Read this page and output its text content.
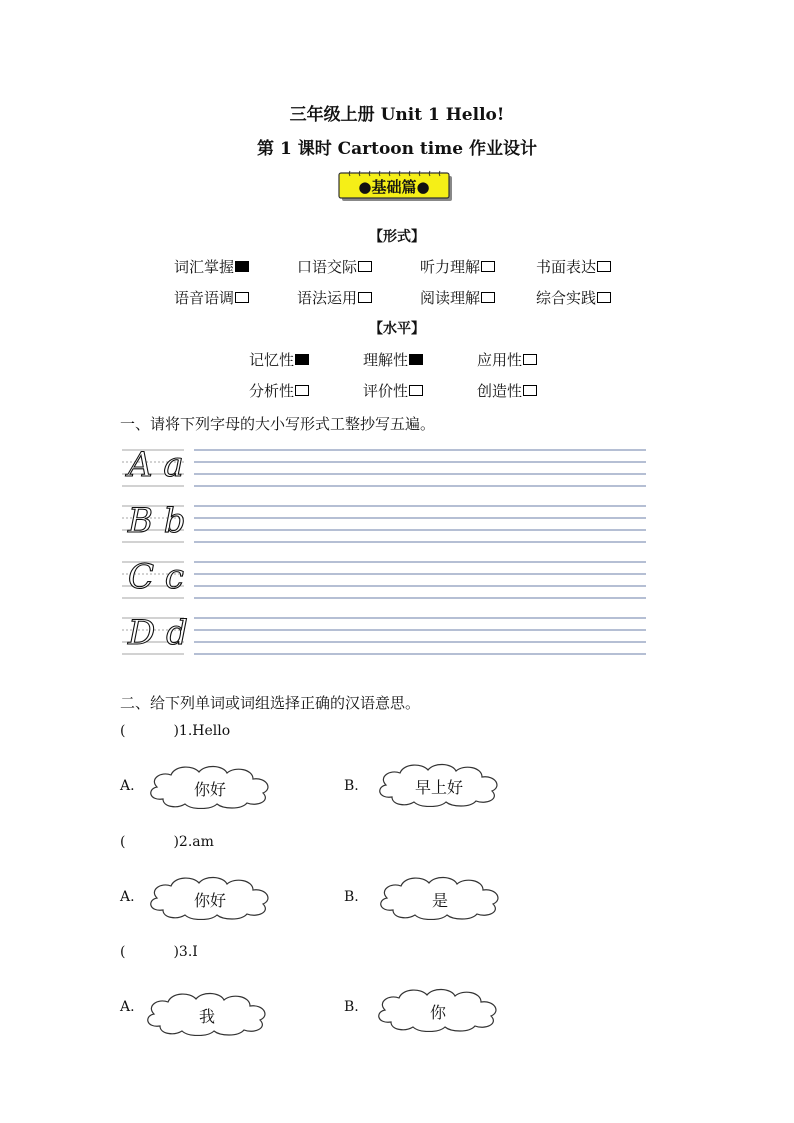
三年级上册 Unit 1 Hello!
第 1 课时 Cartoon time 作业设计
●基础篇●
【形式】
词汇掌握	口语交际	听力理解	书面表达
语音语调	语法运用	阅读理解	综合实践
【水平】
记忆性	理解性	应用性
分析性	评价性	创造性
一、请将下列字母的大小写形式工整抄写五遍。
A a
B b
C c
D d
二、给下列单词或词组选择正确的汉语意思。
(	)1.Hello
A.	你好	B.	早上好
(	)2.am
A.	你好	B.	是
(	)3.I
A.	我	B.	你
